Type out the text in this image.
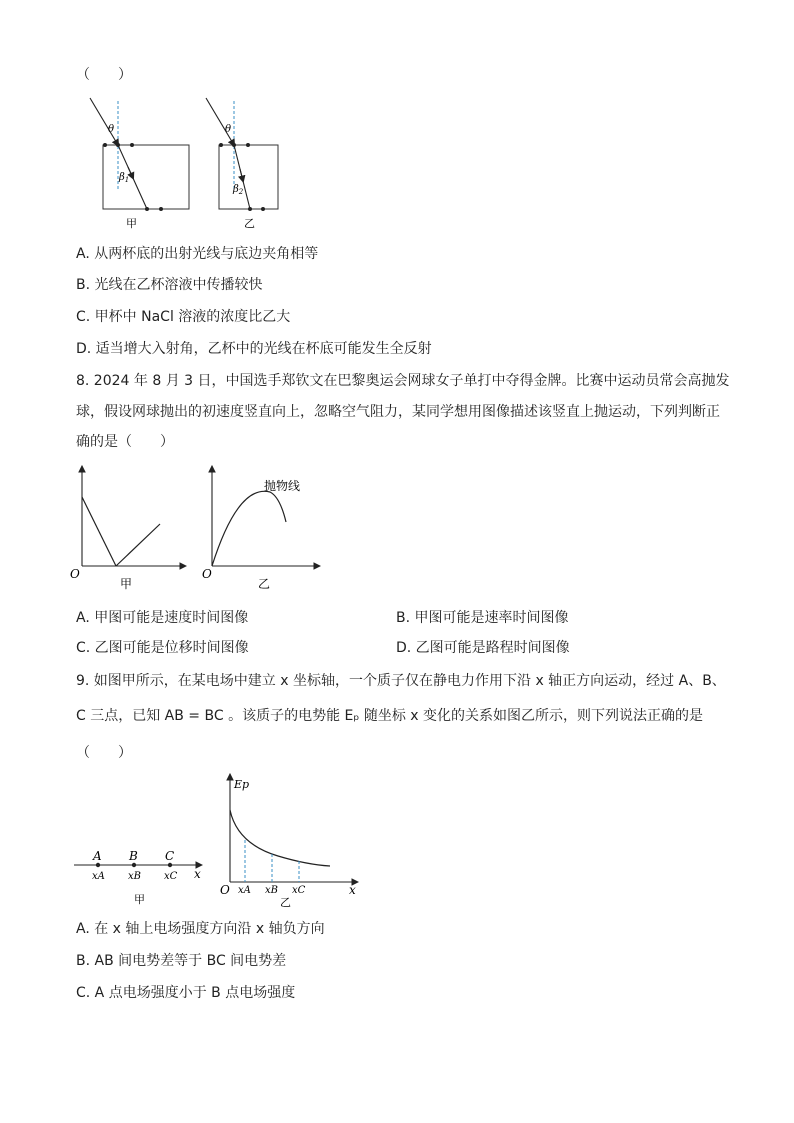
（　　）
θ
$\beta_1$
甲
θ
$\beta_2$
乙
A. 从两杯底的出射光线与底边夹角相等
B. 光线在乙杯溶液中传播较快
C. 甲杯中 NaCl 溶液的浓度比乙大
D. 适当增大入射角，乙杯中的光线在杯底可能发生全反射
8. 2024 年 8 月 3 日，中国选手郑钦文在巴黎奥运会网球女子单打中夺得金牌。比赛中运动员常会高抛发
球，假设网球抛出的初速度竖直向上，忽略空气阻力，某同学想用图像描述该竖直上抛运动，下列判断正
确的是（　　）
O
甲
抛物线
O
乙
A. 甲图可能是速度时间图像	B. 甲图可能是速率时间图像
C. 乙图可能是位移时间图像	D. 乙图可能是路程时间图像
9. 如图甲所示，在某电场中建立 x 坐标轴，一个质子仅在静电力作用下沿 x 轴正方向运动，经过 A、B、
C 三点，已知 AB = BC 。该质子的电势能 Eₚ 随坐标 x 变化的关系如图乙所示，则下列说法正确的是
（　　）
A B C
xA xB xC x
甲
Ep
O xA xB xC	x
乙
A. 在 x 轴上电场强度方向沿 x 轴负方向
B. AB 间电势差等于 BC 间电势差
C. A 点电场强度小于 B 点电场强度
